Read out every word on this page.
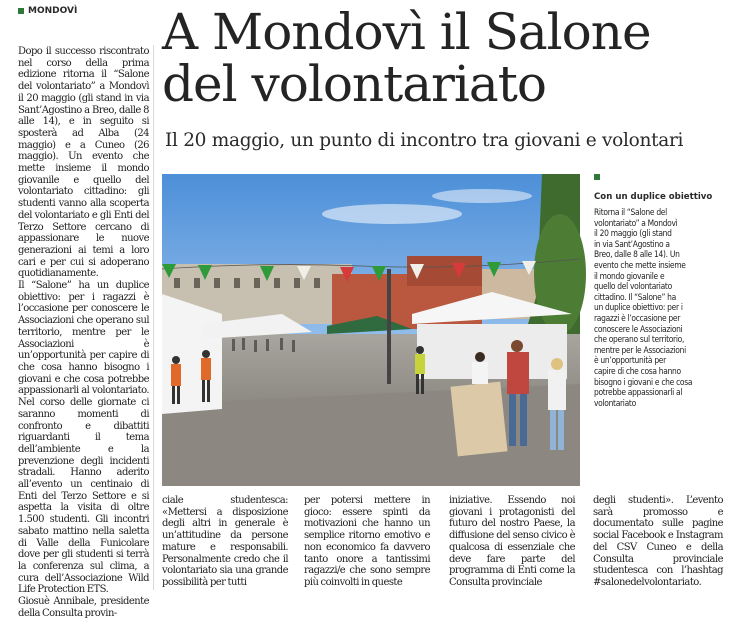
MONDOVÌ	A Mondovì il Salone
del volontariato
Il 20 maggio, un punto di incontro tra giovani e volontari
Dopo il successo riscontrato nel corso della prima edizione ritorna il “Salone del volontariato” a Mondovì il 20 maggio (gli stand in via Sant’Agostino a Breo, dalle 8 alle 14), e in seguito si sposterà ad Alba (24 maggio) e a Cuneo (26 maggio). Un evento che mette insieme il mondo giovanile e quello del volontariato cittadino: gli studenti vanno alla scoperta del volontariato e gli Enti del Terzo Settore cercano di appassionare le nuove generazioni ai temi a loro cari e per cui si adoperano quotidianamente.
Il “Salone” ha un duplice obiettivo: per i ragazzi è l’occasione per conoscere le Associazioni che operano sul territorio, mentre per le Associazioni è un’opportunità per capire di che cosa hanno bisogno i giovani e che cosa potrebbe appassionarli al volontariato. Nel corso delle giornate ci saranno momenti di confronto e dibattiti riguardanti il tema dell’ambiente e la prevenzione degli incidenti stradali. Hanno aderito all’evento un centinaio di Enti del Terzo Settore e si aspetta la visita di oltre 1.500 studenti. Gli incontri sabato mattino nella saletta di Valle della Funicolare dove per gli studenti si terrà la conferenza sul clima, a cura dell’Associazione Wild Life Protection ETS.
Giosuè Annibale, presidente della Consulta provin-
Con un duplice obiettivo
Ritorna il “Salone del
volontariato” a Mondovì
il 20 maggio (gli stand
in via Sant’Agostino a
Breo, dalle 8 alle 14). Un
evento che mette insieme
il mondo giovanile e
quello del volontariato
cittadino. Il “Salone” ha
un duplice obiettivo: per i
ragazzi è l’occasione per
conoscere le Associazioni
che operano sul territorio,
mentre per le Associazioni
è un’opportunità per
capire di che cosa hanno
bisogno i giovani e che cosa
potrebbe appassionarli al
volontariato
ciale studentesca: «Mettersi a disposizione degli altri in generale è un’attitudine da persone mature e responsabili. Personalmente credo che il volontariato sia una grande possibilità per tutti
per potersi mettere in gioco: essere spinti da motivazioni che hanno un semplice ritorno emotivo e non economico fa davvero tanto onore a tantissimi ragazzi/e che sono sempre più coinvolti in queste
iniziative. Essendo noi giovani i protagonisti del futuro del nostro Paese, la diffusione del senso civico è qualcosa di essenziale che deve fare parte del programma di Enti come la Consulta provinciale
degli studenti». L’evento sarà promosso e documentato sulle pagine social Facebook e Instagram del CSV Cuneo e della Consulta provinciale studentesca con l’hashtag #salonedelvolontariato.
